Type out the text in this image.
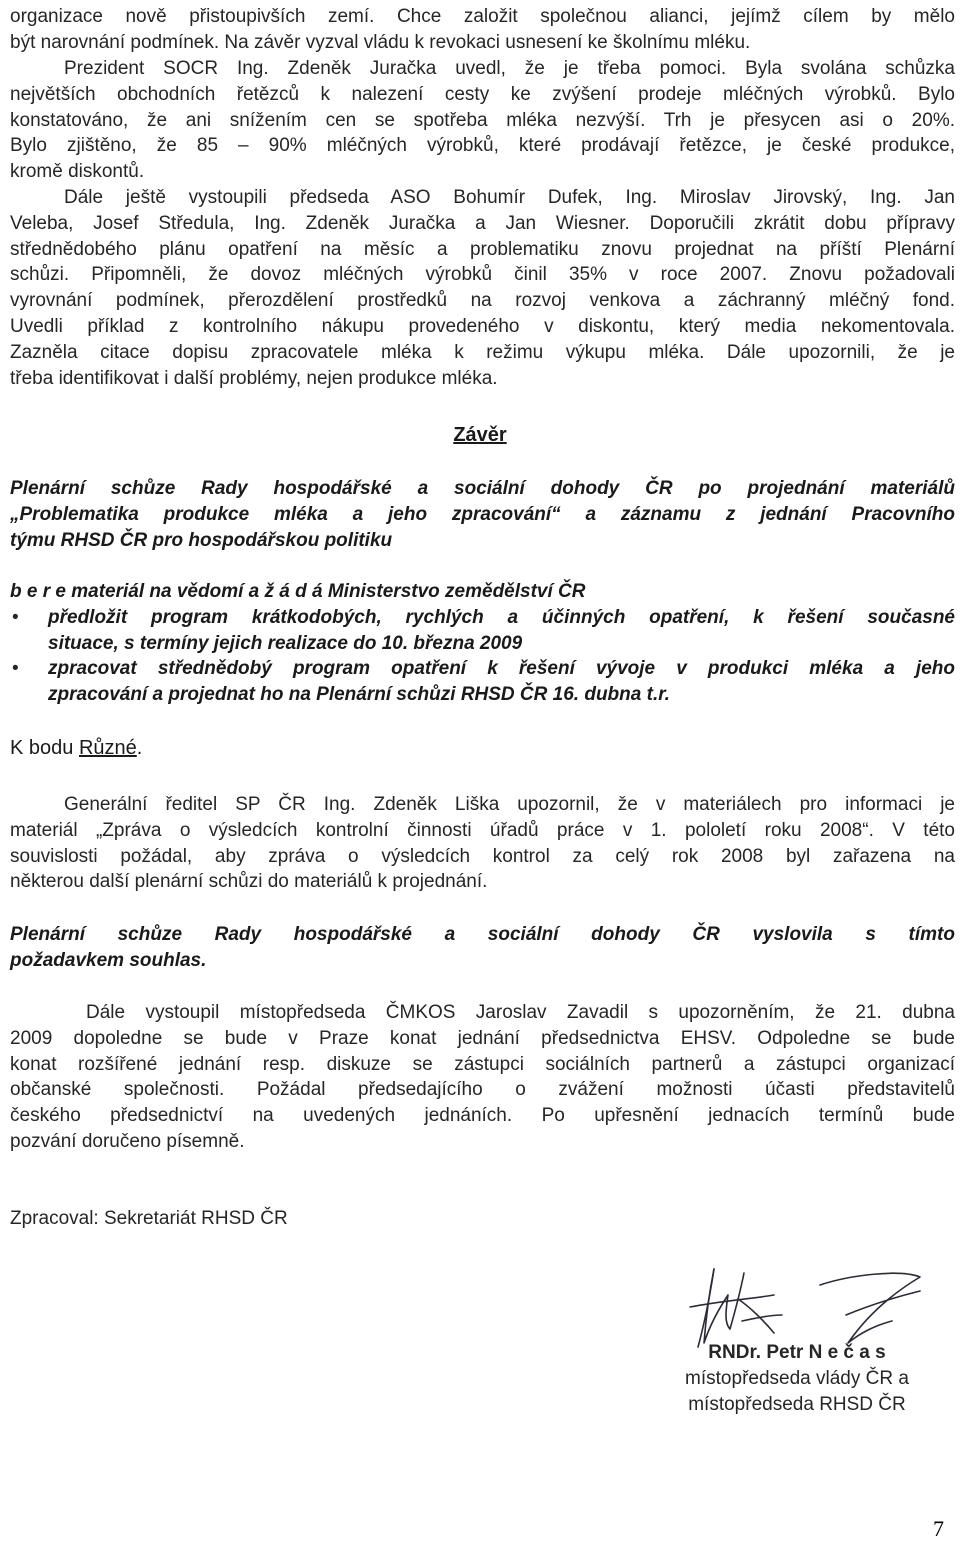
organizace nově přistoupivších zemí. Chce založit společnou alianci, jejímž cílem by mělo

být narovnání podmínek. Na závěr vyzval vládu k revokaci usnesení ke školnímu mléku.

Prezident SOCR Ing. Zdeněk Juračka uvedl, že je třeba pomoci. Byla svolána schůzka

největších obchodních řetězců k nalezení cesty ke zvýšení prodeje mléčných výrobků. Bylo

konstatováno, že ani snížením cen se spotřeba mléka nezvýší. Trh je přesycen asi o 20%.

Bylo zjištěno, že 85 – 90% mléčných výrobků, které prodávají řetězce, je české produkce,

kromě diskontů.

Dále ještě vystoupili předseda ASO Bohumír Dufek, Ing. Miroslav Jirovský, Ing. Jan

Veleba, Josef Středula, Ing. Zdeněk Juračka a Jan Wiesner. Doporučili zkrátit dobu přípravy

střednědobého plánu opatření na měsíc a problematiku znovu projednat na příští Plenární

schůzi. Připomněli, že dovoz mléčných výrobků činil 35% v roce 2007. Znovu požadovali

vyrovnání podmínek, přerozdělení prostředků na rozvoj venkova a záchranný mléčný fond.

Uvedli příklad z kontrolního nákupu provedeného v diskontu, který media nekomentovala.

Zazněla citace dopisu zpracovatele mléka k režimu výkupu mléka. Dále upozornili, že je

třeba identifikovat i další problémy, nejen produkce mléka.

Závěr

Plenární schůze Rady hospodářské a sociální dohody ČR po projednání materiálů

„Problematika produkce mléka a jeho zpracování“ a záznamu z jednání Pracovního

týmu RHSD ČR pro hospodářskou politiku

b e r e materiál na vědomí a ž á d á Ministerstvo zemědělství ČR

• předložit program krátkodobých, rychlých a účinných opatření, k řešení současné

situace, s termíny jejich realizace do 10. března 2009

• zpracovat střednědobý program opatření k řešení vývoje v produkci mléka a jeho

zpracování a projednat ho na Plenární schůzi RHSD ČR 16. dubna t.r.

K bodu Různé.

Generální ředitel SP ČR Ing. Zdeněk Liška upozornil, že v materiálech pro informaci je

materiál „Zpráva o výsledcích kontrolní činnosti úřadů práce v 1. pololetí roku 2008“. V této

souvislosti požádal, aby zpráva o výsledcích kontrol za celý rok 2008 byl zařazena na

některou další plenární schůzi do materiálů k projednání.

Plenární schůze Rady hospodářské a sociální dohody ČR vyslovila s tímto

požadavkem souhlas.

Dále vystoupil místopředseda ČMKOS Jaroslav Zavadil s upozorněním, že 21. dubna

2009 dopoledne se bude v Praze konat jednání předsednictva EHSV. Odpoledne se bude

konat rozšířené jednání resp. diskuze se zástupci sociálních partnerů a zástupci organizací

občanské společnosti. Požádal předsedajícího o zvážení možnosti účasti představitelů

českého předsednictví na uvedených jednáních. Po upřesnění jednacích termínů bude

pozvání doručeno písemně.

Zpracoval: Sekretariát RHSD ČR
RNDr. Petr N e č a s
místopředseda vlády ČR a
místopředseda RHSD ČR
7
